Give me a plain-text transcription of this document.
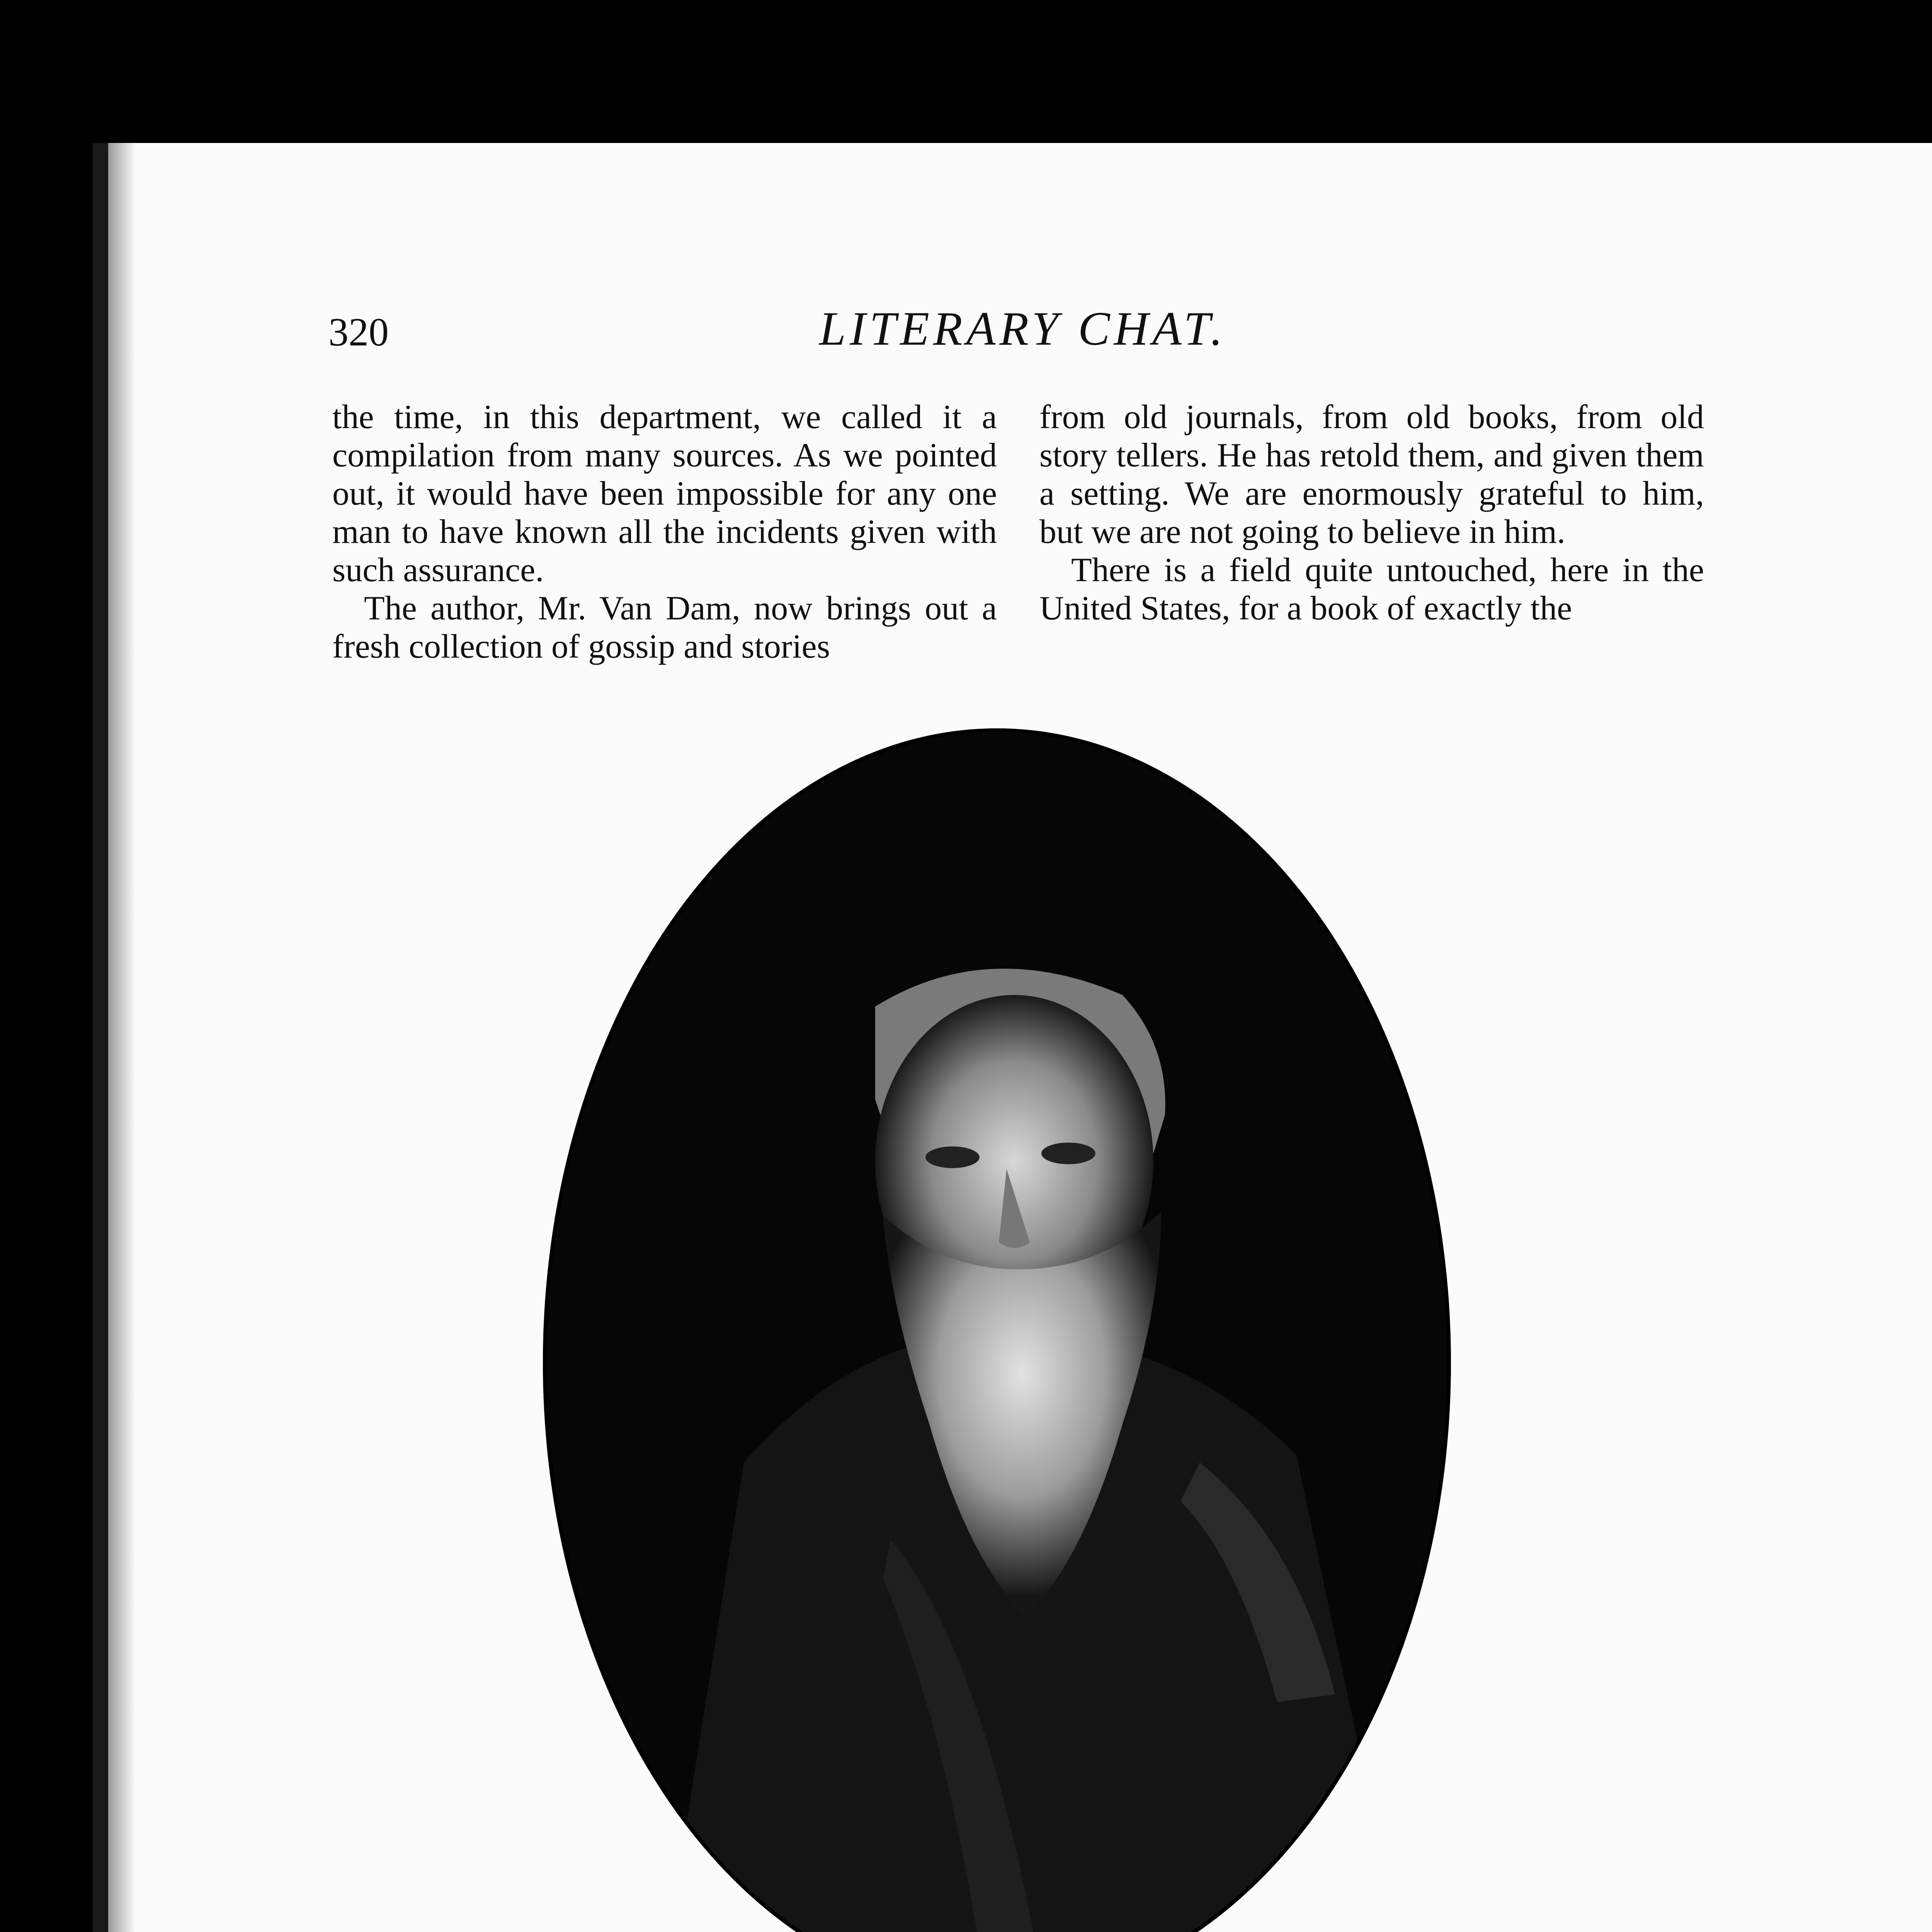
320	LITERARY CHAT.

the time, in this department, we called it a compilation from many sources. As we pointed out, it would have been impossible for any one man to have known all the incidents given with such assurance.

The author, Mr. Van Dam, now brings out a fresh collection of gossip and stories

from old journals, from old books, from old story tellers. He has retold them, and given them a setting. We are enormously grateful to him, but we are not going to believe in him.

There is a field quite untouched, here in the United States, for a book of exactly the
